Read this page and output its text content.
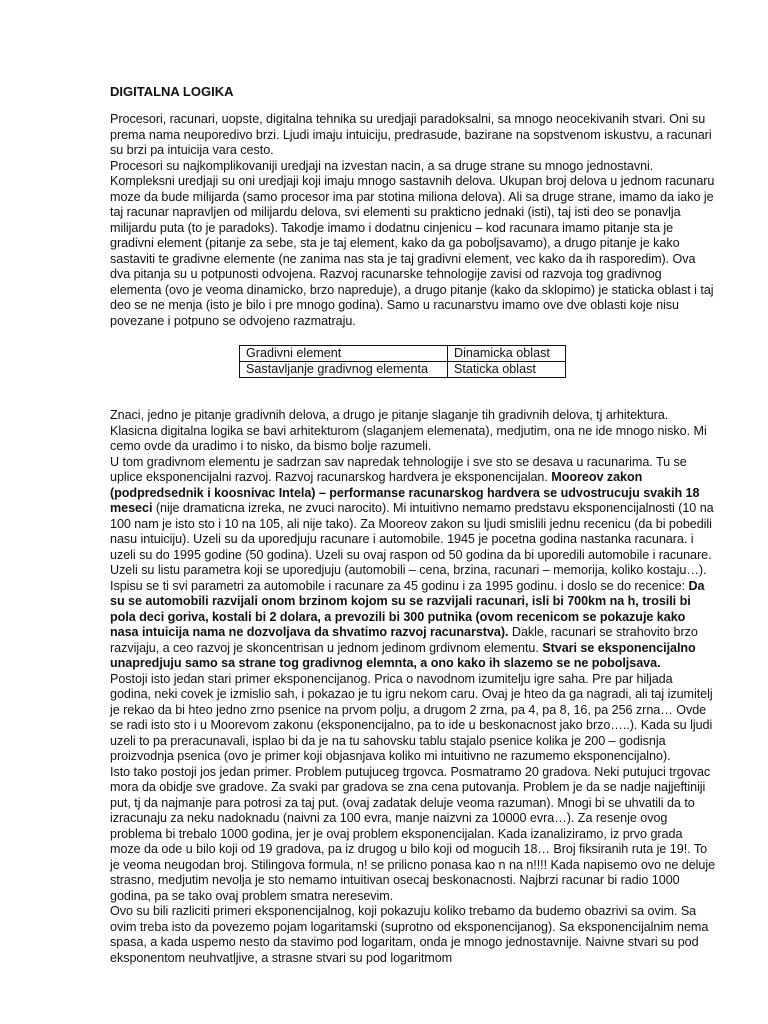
DIGITALNA LOGIKA

Procesori, racunari, uopste, digitalna tehnika su uredjaji paradoksalni, sa mnogo neocekivanih stvari. Oni su prema nama neuporedivo brzi. Ljudi imaju intuiciju, predrasude, bazirane na sopstvenom iskustvu, a racunari su brzi pa intuicija vara cesto.

Procesori su najkomplikovaniji uredjaji na izvestan nacin, a sa druge strane su mnogo jednostavni. Kompleksni uredjaji su oni uredjaji koji imaju mnogo sastavnih delova. Ukupan broj delova u jednom racunaru moze da bude milijarda (samo procesor ima par stotina miliona delova). Ali sa druge strane, imamo da iako je taj racunar napravljen od milijardu delova, svi elementi su prakticno jednaki (isti), taj isti deo se ponavlja milijardu puta (to je paradoks). Takodje imamo i dodatnu cinjenicu – kod racunara imamo pitanje sta je gradivni element (pitanje za sebe, sta je taj element, kako da ga poboljsavamo), a drugo pitanje je kako sastaviti te gradivne elemente (ne zanima nas sta je taj gradivni element, vec kako da ih rasporedim). Ova dva pitanja su u potpunosti odvojena. Razvoj racunarske tehnologije zavisi od razvoja tog gradivnog elementa (ovo je veoma dinamicko, brzo napreduje), a drugo pitanje (kako da sklopimo) je staticka oblast i taj deo se ne menja (isto je bilo i pre mnogo godina). Samo u racunarstvu imamo ove dve oblasti koje nisu povezane i potpuno se odvojeno razmatraju.

Gradivni element	Dinamicka oblast
Sastavljanje gradivnog elementa	Staticka oblast

Znaci, jedno je pitanje gradivnih delova, a drugo je pitanje slaganje tih gradivnih delova, tj arhitektura. Klasicna digitalna logika se bavi arhitekturom (slaganjem elemenata), medjutim, ona ne ide mnogo nisko. Mi cemo ovde da uradimo i to nisko, da bismo bolje razumeli.

U tom gradivnom elementu je sadrzan sav napredak tehnologije i sve sto se desava u racunarima. Tu se uplice eksponencijalni razvoj. Razvoj racunarskog hardvera je eksponencijalan. Mooreov zakon (podpredsednik i koosnivac Intela) – performanse racunarskog hardvera se udvostrucuju svakih 18 meseci (nije dramaticna izreka, ne zvuci narocito). Mi intuitivno nemamo predstavu eksponencijalnosti (10 na 100 nam je isto sto i 10 na 105, ali nije tako). Za Mooreov zakon su ljudi smislili jednu recenicu (da bi pobedili nasu intuiciju). Uzeli su da uporedjuju racunare i automobile. 1945 je pocetna godina nastanka racunara. i uzeli su do 1995 godine (50 godina). Uzeli su ovaj raspon od 50 godina da bi uporedili automobile i racunare. Uzeli su listu parametra koji se uporedjuju (automobili – cena, brzina, racunari – memorija, koliko kostaju…). Ispisu se ti svi parametri za automobile i racunare za 45 godinu i za 1995 godinu. i doslo se do recenice: Da su se automobili razvijali onom brzinom kojom su se razvijali racunari, isli bi 700km na h, trosili bi pola deci goriva, kostali bi 2 dolara, a prevozili bi 300 putnika (ovom recenicom se pokazuje kako nasa intuicija nama ne dozvoljava da shvatimo razvoj racunarstva). Dakle, racunari se strahovito brzo razvijaju, a ceo razvoj je skoncentrisan u jednom jedinom grdivnom elementu. Stvari se eksponencijalno unapredjuju samo sa strane tog gradivnog elemnta, a ono kako ih slazemo se ne poboljsava.

Postoji isto jedan stari primer eksponencijanog. Prica o navodnom izumitelju igre saha. Pre par hiljada godina, neki covek je izmislio sah, i pokazao je tu igru nekom caru. Ovaj je hteo da ga nagradi, ali taj izumitelj je rekao da bi hteo jedno zrno psenice na prvom polju, a drugom 2 zrna, pa 4, pa 8, 16, pa 256 zrna… Ovde se radi isto sto i u Moorevom zakonu (eksponencijalno, pa to ide u beskonacnost jako brzo…..). Kada su ljudi uzeli to pa preracunavali, isplao bi da je na tu sahovsku tablu stajalo psenice kolika je 200 – godisnja proizvodnja psenica (ovo je primer koji objasnjava koliko mi intuitivno ne razumemo eksponencijalno).

Isto tako postoji jos jedan primer. Problem putujuceg trgovca. Posmatramo 20 gradova. Neki putujuci trgovac mora da obidje sve gradove. Za svaki par gradova se zna cena putovanja. Problem je da se nadje najjeftiniji put, tj da najmanje para potrosi za taj put. (ovaj zadatak deluje veoma razuman). Mnogi bi se uhvatili da to izracunaju za neku nadoknadu (naivni za 100 evra, manje naizvni za 10000 evra…). Za resenje ovog problema bi trebalo 1000 godina, jer je ovaj problem eksponencijalan. Kada izanaliziramo, iz prvo grada moze da ode u bilo koji od 19 gradova, pa iz drugog u bilo koji od mogucih 18… Broj fiksiranih ruta je 19!. To je veoma neugodan broj. Stilingova formula, n! se prilicno ponasa kao n na n!!!! Kada napisemo ovo ne deluje strasno, medjutim nevolja je sto nemamo intuitivan osecaj beskonacnosti. Najbrzi racunar bi radio 1000 godina, pa se tako ovaj problem smatra neresevim.

Ovo su bili razliciti primeri eksponencijalnog, koji pokazuju koliko trebamo da budemo obazrivi sa ovim. Sa ovim treba isto da povezemo pojam logaritamski (suprotno od eksponencijanog). Sa eksponencijalnim nema spasa, a kada uspemo nesto da stavimo pod logaritam, onda je mnogo jednostavnije. Naivne stvari su pod eksponentom neuhvatljive, a strasne stvari su pod logaritmom
